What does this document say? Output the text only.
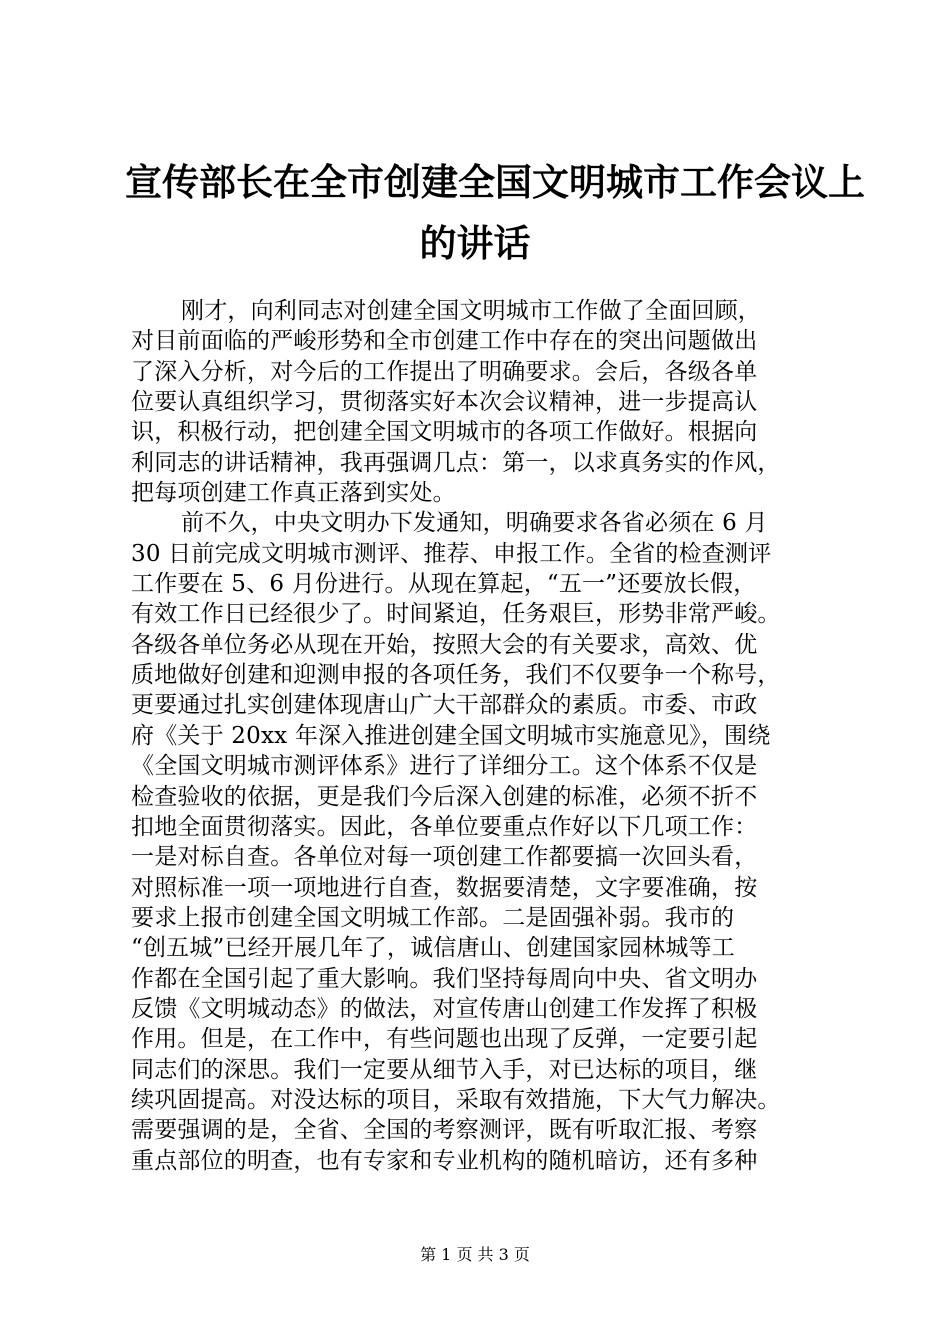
宣传部长在全市创建全国文明城市工作会议上
的讲话
刚才，向利同志对创建全国文明城市工作做了全面回顾，
对目前面临的严峻形势和全市创建工作中存在的突出问题做出
了深入分析，对今后的工作提出了明确要求。会后，各级各单
位要认真组织学习，贯彻落实好本次会议精神，进一步提高认
识，积极行动，把创建全国文明城市的各项工作做好。根据向
利同志的讲话精神，我再强调几点：第一，以求真务实的作风，
把每项创建工作真正落到实处。
前不久，中央文明办下发通知，明确要求各省必须在 6 月
30 日前完成文明城市测评、推荐、申报工作。全省的检查测评
工作要在 5、6 月份进行。从现在算起，“五一”还要放长假，
有效工作日已经很少了。时间紧迫，任务艰巨，形势非常严峻。
各级各单位务必从现在开始，按照大会的有关要求，高效、优
质地做好创建和迎测申报的各项任务，我们不仅要争一个称号，
更要通过扎实创建体现唐山广大干部群众的素质。市委、市政
府《关于 20xx 年深入推进创建全国文明城市实施意见》，围绕
《全国文明城市测评体系》进行了详细分工。这个体系不仅是
检查验收的依据，更是我们今后深入创建的标准，必须不折不
扣地全面贯彻落实。因此，各单位要重点作好以下几项工作：
一是对标自查。各单位对每一项创建工作都要搞一次回头看，
对照标准一项一项地进行自查，数据要清楚，文字要准确，按
要求上报市创建全国文明城工作部。二是固强补弱。我市的
“创五城”已经开展几年了，诚信唐山、创建国家园林城等工
作都在全国引起了重大影响。我们坚持每周向中央、省文明办
反馈《文明城动态》的做法，对宣传唐山创建工作发挥了积极
作用。但是，在工作中，有些问题也出现了反弹，一定要引起
同志们的深思。我们一定要从细节入手，对已达标的项目，继
续巩固提高。对没达标的项目，采取有效措施，下大气力解决。
需要强调的是，全省、全国的考察测评，既有听取汇报、考察
重点部位的明查，也有专家和专业机构的随机暗访，还有多种
第 1 页 共 3 页
